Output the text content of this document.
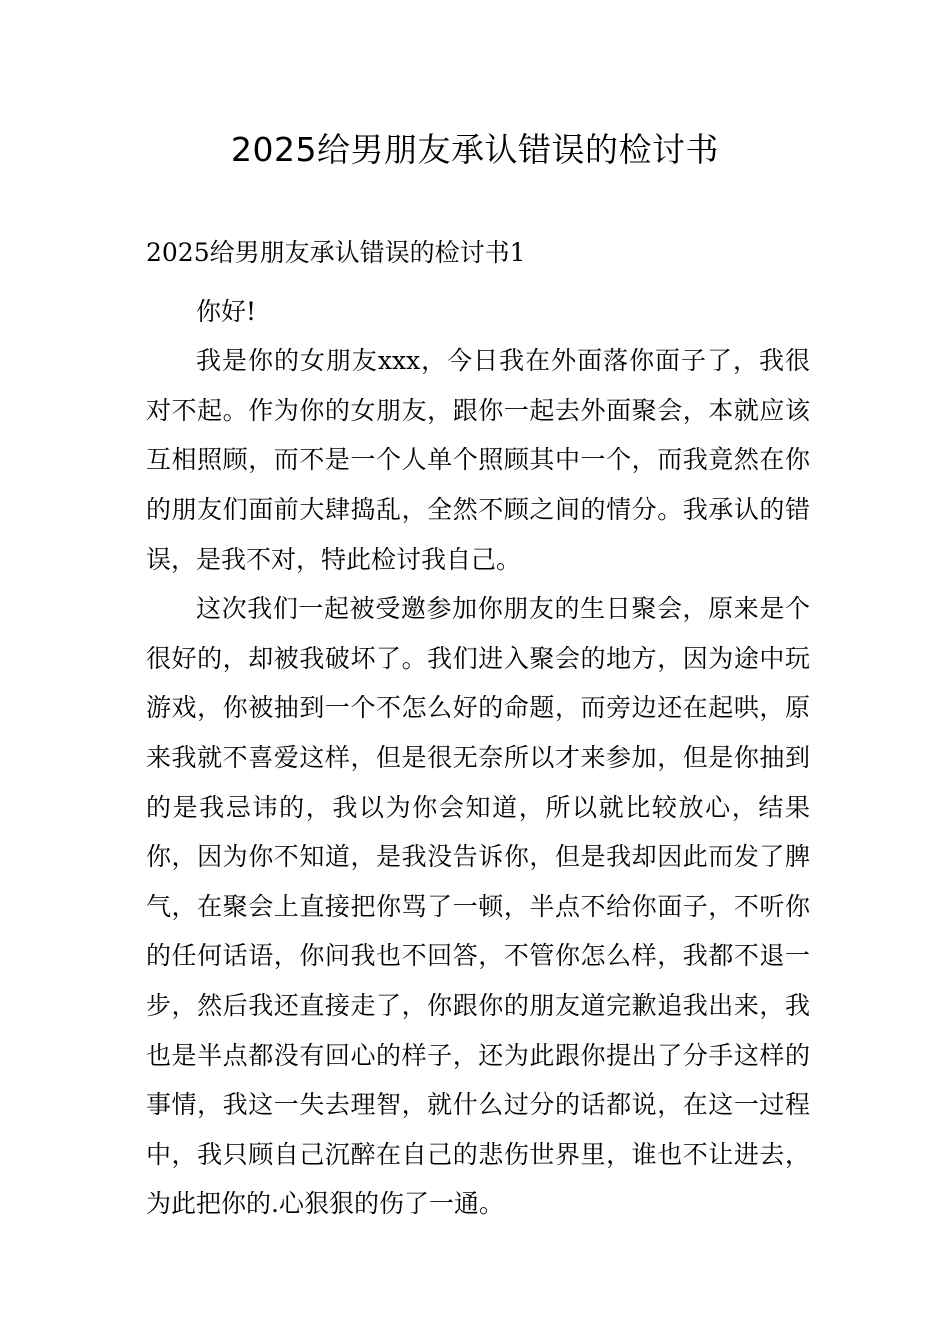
2025给男朋友承认错误的检讨书

2025给男朋友承认错误的检讨书1

你好!

我是你的女朋友xxx，今日我在外面落你面子了，我很对不起。作为你的女朋友，跟你一起去外面聚会，本就应该互相照顾，而不是一个人单个照顾其中一个，而我竟然在你的朋友们面前大肆捣乱，全然不顾之间的情分。我承认的错误，是我不对，特此检讨我自己。

这次我们一起被受邀参加你朋友的生日聚会，原来是个很好的，却被我破坏了。我们进入聚会的地方，因为途中玩游戏，你被抽到一个不怎么好的命题，而旁边还在起哄，原来我就不喜爱这样，但是很无奈所以才来参加，但是你抽到的是我忌讳的，我以为你会知道，所以就比较放心，结果你，因为你不知道，是我没告诉你，但是我却因此而发了脾气，在聚会上直接把你骂了一顿，半点不给你面子，不听你的任何话语，你问我也不回答，不管你怎么样，我都不退一步，然后我还直接走了，你跟你的朋友道完歉追我出来，我也是半点都没有回心的样子，还为此跟你提出了分手这样的事情，我这一失去理智，就什么过分的话都说，在这一过程中，我只顾自己沉醉在自己的悲伤世界里，谁也不让进去，为此把你的.心狠狠的伤了一通。
